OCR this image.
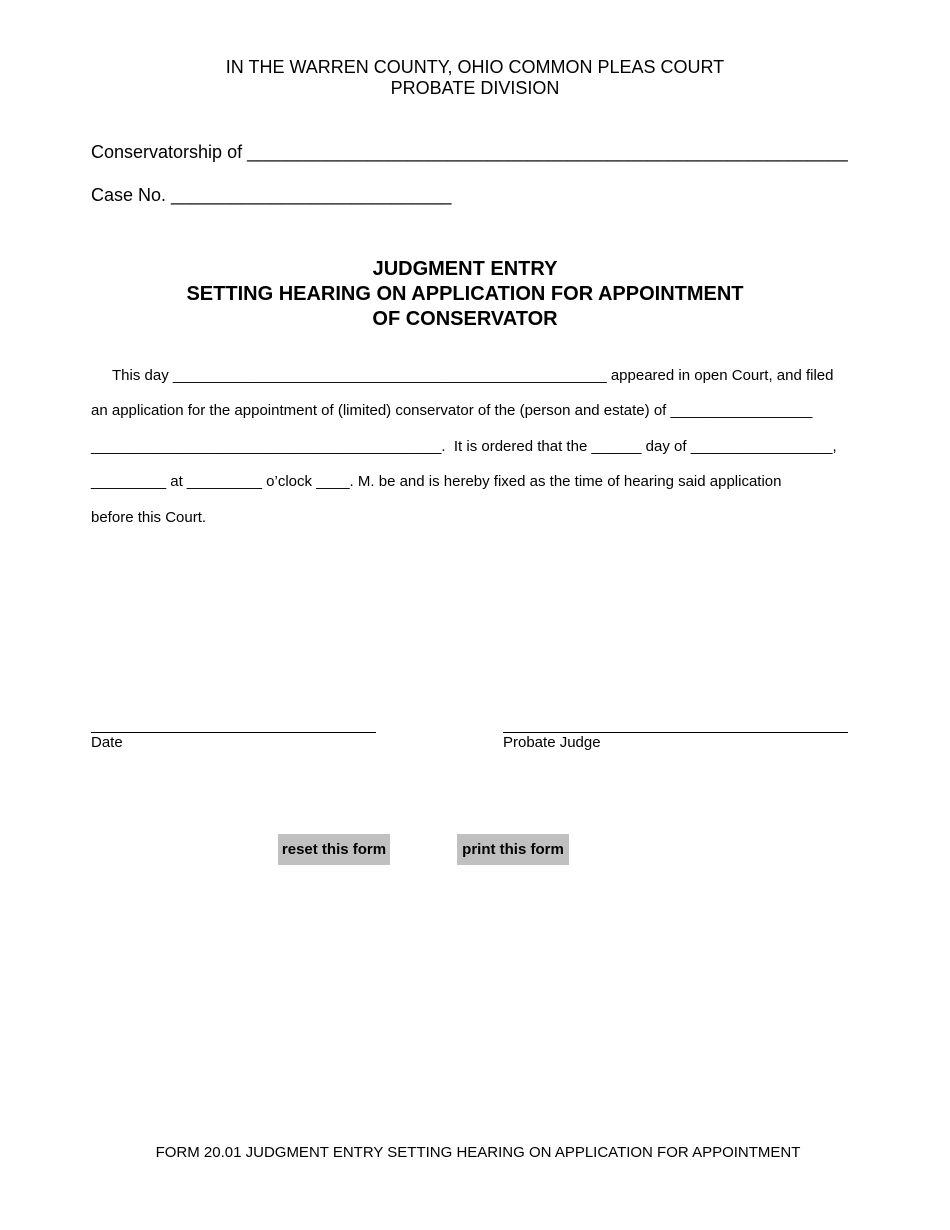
IN THE WARREN COUNTY, OHIO COMMON PLEAS COURT
PROBATE DIVISION
Conservatorship of ____________________________________________________________
Case No. ____________________________
JUDGMENT ENTRY
SETTING HEARING ON APPLICATION FOR APPOINTMENT
OF CONSERVATOR
This day ____________________________________________________ appeared in open Court, and filed
an application for the appointment of (limited) conservator of the (person and estate) of _________________
__________________________________________.  It is ordered that the ______ day of _________________,
_________ at _________ o’clock ____. M. be and is hereby fixed as the time of hearing said application
before this Court.
Date	Probate Judge
reset this form	print this form
FORM 20.01 JUDGMENT ENTRY SETTING HEARING ON APPLICATION FOR APPOINTMENT
